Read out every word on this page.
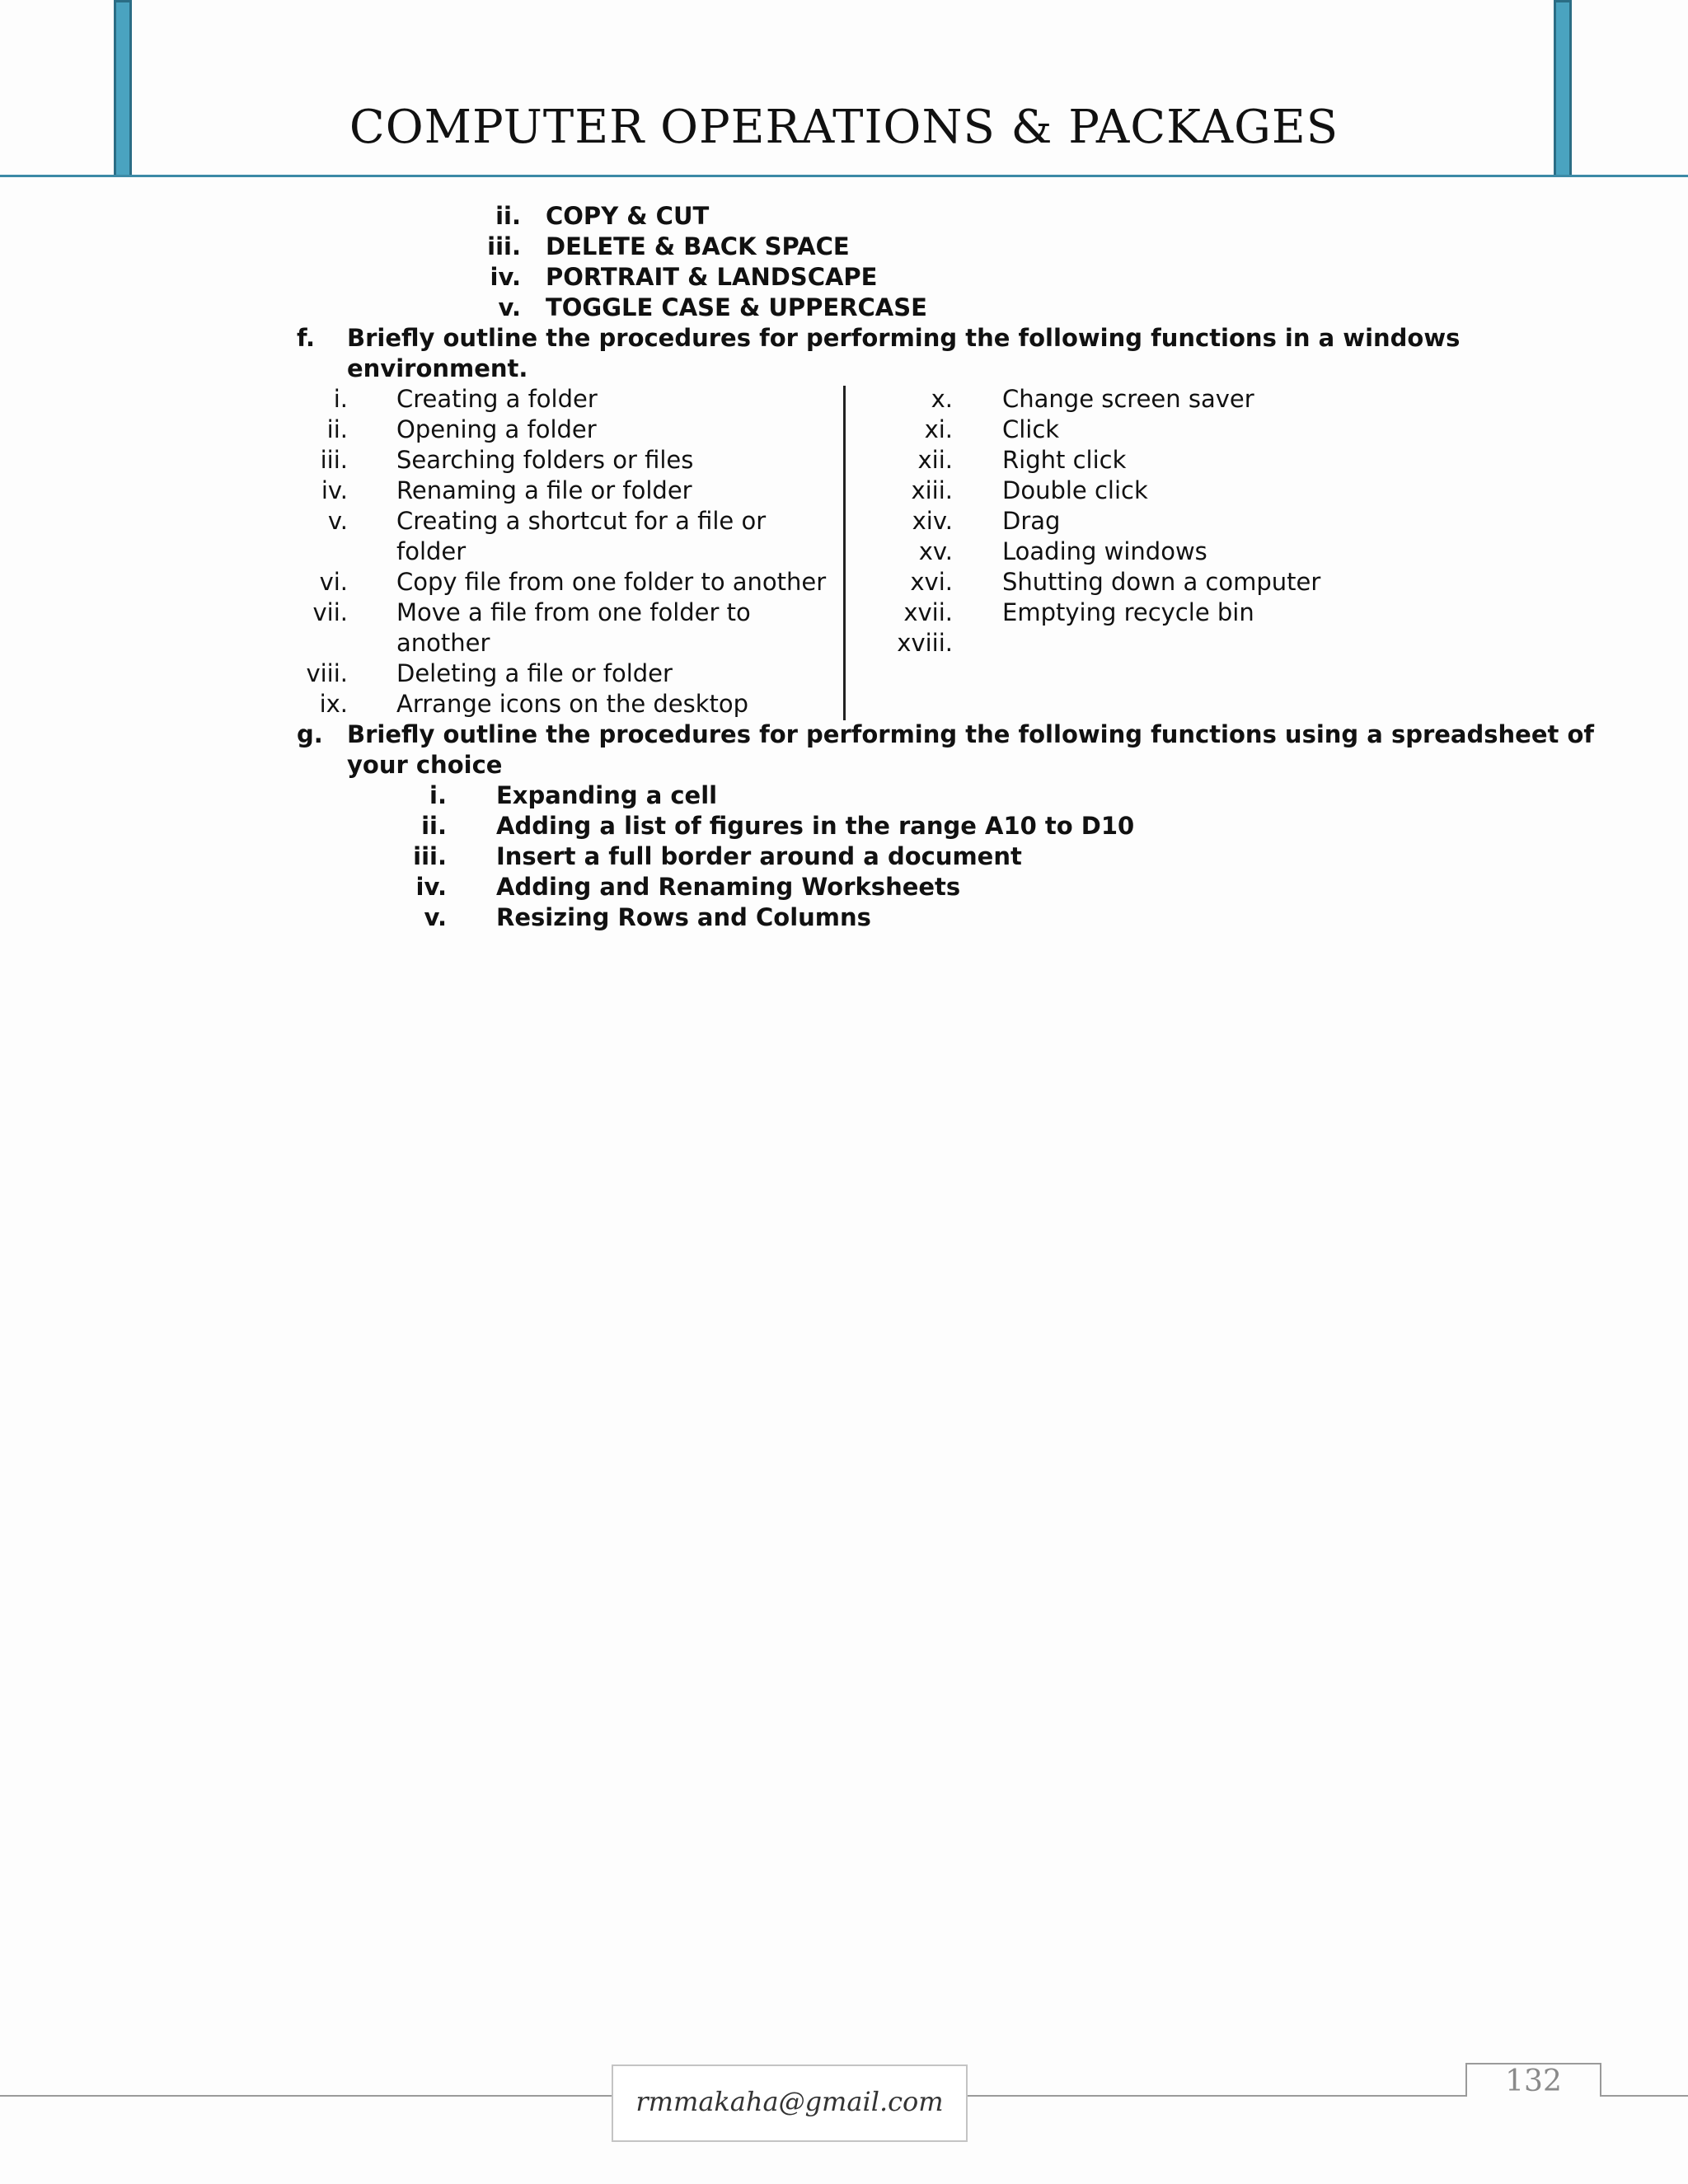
COMPUTER OPERATIONS & PACKAGES
ii. COPY & CUT
iii. DELETE & BACK SPACE
iv. PORTRAIT & LANDSCAPE
v. TOGGLE CASE & UPPERCASE
f. Briefly outline the procedures for performing the following functions in a windows
environment.
i. Creating a folder
ii. Opening a folder
iii. Searching folders or files
iv. Renaming a file or folder
v. Creating a shortcut for a file or
folder
vi. Copy file from one folder to another
vii. Move a file from one folder to
another
viii. Deleting a file or folder
ix. Arrange icons on the desktop
x. Change screen saver
xi. Click
xii. Right click
xiii. Double click
xiv. Drag
xv. Loading windows
xvi. Shutting down a computer
xvii. Emptying recycle bin
xviii.
g. Briefly outline the procedures for performing the following functions using a spreadsheet of
your choice
i. Expanding a cell
ii. Adding a list of figures in the range A10 to D10
iii. Insert a full border around a document
iv. Adding and Renaming Worksheets
v. Resizing Rows and Columns
rmmakaha@gmail.com
132
